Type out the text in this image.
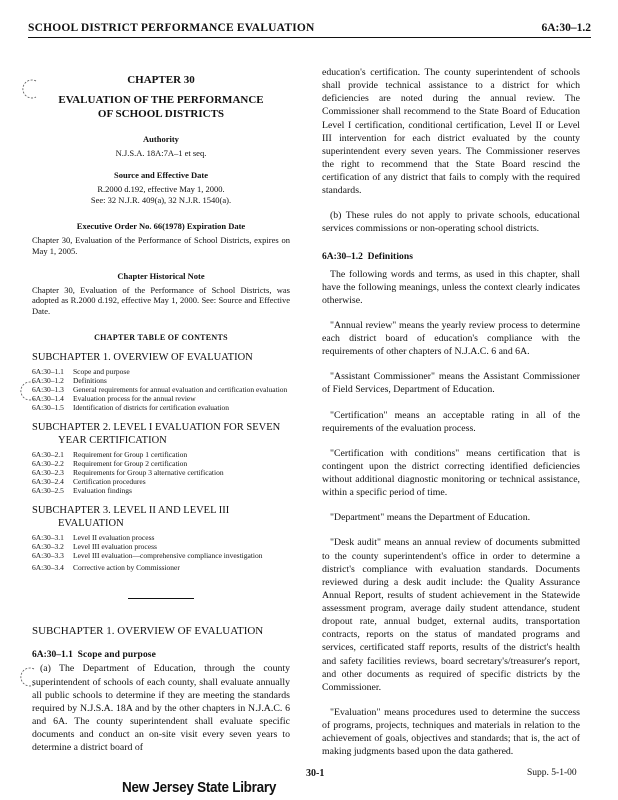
SCHOOL DISTRICT PERFORMANCE EVALUATION	6A:30–1.2
CHAPTER 30
EVALUATION OF THE PERFORMANCE
OF SCHOOL DISTRICTS
Authority
N.J.S.A. 18A:7A–1 et seq.
Source and Effective Date
R.2000 d.192, effective May 1, 2000.
See: 32 N.J.R. 409(a), 32 N.J.R. 1540(a).
Executive Order No. 66(1978) Expiration Date
Chapter 30, Evaluation of the Performance of School Districts, expires on May 1, 2005.
Chapter Historical Note
Chapter 30, Evaluation of the Performance of School Districts, was adopted as R.2000 d.192, effective May 1, 2000. See: Source and Effective Date.
CHAPTER TABLE OF CONTENTS
SUBCHAPTER 1. OVERVIEW OF EVALUATION
6A:30–1.1	Scope and purpose
6A:30–1.2	Definitions
6A:30–1.3	General requirements for annual evaluation and certification evaluation
6A:30–1.4	Evaluation process for the annual review
6A:30–1.5	Identification of districts for certification evaluation
SUBCHAPTER 2. LEVEL I EVALUATION FOR SEVEN
YEAR CERTIFICATION
6A:30–2.1	Requirement for Group 1 certification
6A:30–2.2	Requirement for Group 2 certification
6A:30–2.3	Requirements for Group 3 alternative certification
6A:30–2.4	Certification procedures
6A:30–2.5	Evaluation findings
SUBCHAPTER 3. LEVEL II AND LEVEL III
EVALUATION
6A:30–3.1	Level II evaluation process
6A:30–3.2	Level III evaluation process
6A:30–3.3	Level III evaluation—comprehensive compliance investigation
6A:30–3.4	Corrective action by Commissioner
SUBCHAPTER 1. OVERVIEW OF EVALUATION
6A:30–1.1 Scope and purpose

(a) The Department of Education, through the county superintendent of schools of each county, shall evaluate annually all public schools to determine if they are meeting the standards required by N.J.S.A. 18A and by the other chapters in N.J.A.C. 6 and 6A. The county superintendent shall evaluate specific documents and conduct an on-site visit every seven years to determine a district board of

education's certification. The county superintendent of schools shall provide technical assistance to a district for which deficiencies are noted during the annual review. The Commissioner shall recommend to the State Board of Education Level I certification, conditional certification, Level II or Level III intervention for each district evaluated by the county superintendent every seven years. The Commissioner reserves the right to recommend that the State Board rescind the certification of any district that fails to comply with the required standards.

(b) These rules do not apply to private schools, educational services commissions or non-operating school districts.

6A:30–1.2 Definitions

The following words and terms, as used in this chapter, shall have the following meanings, unless the context clearly indicates otherwise.

"Annual review" means the yearly review process to determine each district board of education's compliance with the requirements of other chapters of N.J.A.C. 6 and 6A.

"Assistant Commissioner" means the Assistant Commissioner of Field Services, Department of Education.

"Certification" means an acceptable rating in all of the requirements of the evaluation process.

"Certification with conditions" means certification that is contingent upon the district correcting identified deficiencies without additional diagnostic monitoring or technical assistance, within a specific period of time.

"Department" means the Department of Education.

"Desk audit" means an annual review of documents submitted to the county superintendent's office in order to determine a district's compliance with evaluation standards. Documents reviewed during a desk audit include: the Quality Assurance Annual Report, results of student achievement in the Statewide assessment program, average daily student attendance, student dropout rate, annual budget, external audits, transportation contracts, reports on the status of mandated programs and services, certificated staff reports, results of the district's health and safety facilities reviews, board secretary's/treasurer's report, and other documents as required of specific districts by the Commissioner.

"Evaluation" means procedures used to determine the success of programs, projects, techniques and materials in relation to the achievement of goals, objectives and standards; that is, the act of making judgments based upon the data gathered.

30-1	Supp. 5-1-00
New Jersey State Library
